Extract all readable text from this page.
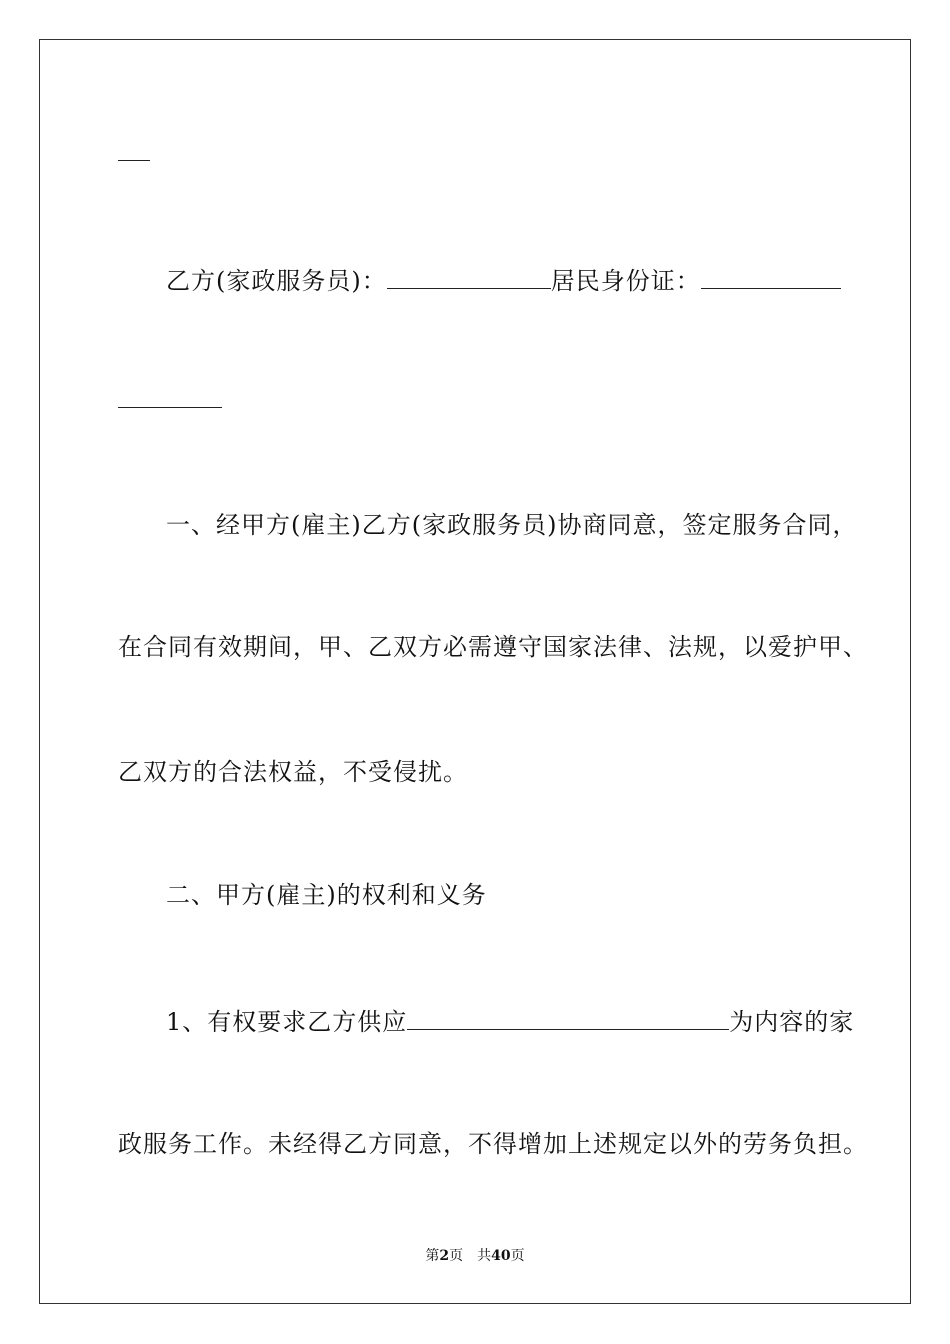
乙方(家政服务员)：	居民身份证：
一、经甲方(雇主)乙方(家政服务员)协商同意，签定服务合同，
在合同有效期间，甲、乙双方必需遵守国家法律、法规，以爱护甲、
乙双方的合法权益，不受侵扰。
二、甲方(雇主)的权利和义务
1、有权要求乙方供应	为内容的家
政服务工作。未经得乙方同意，不得增加上述规定以外的劳务负担。
第2页　共40页
